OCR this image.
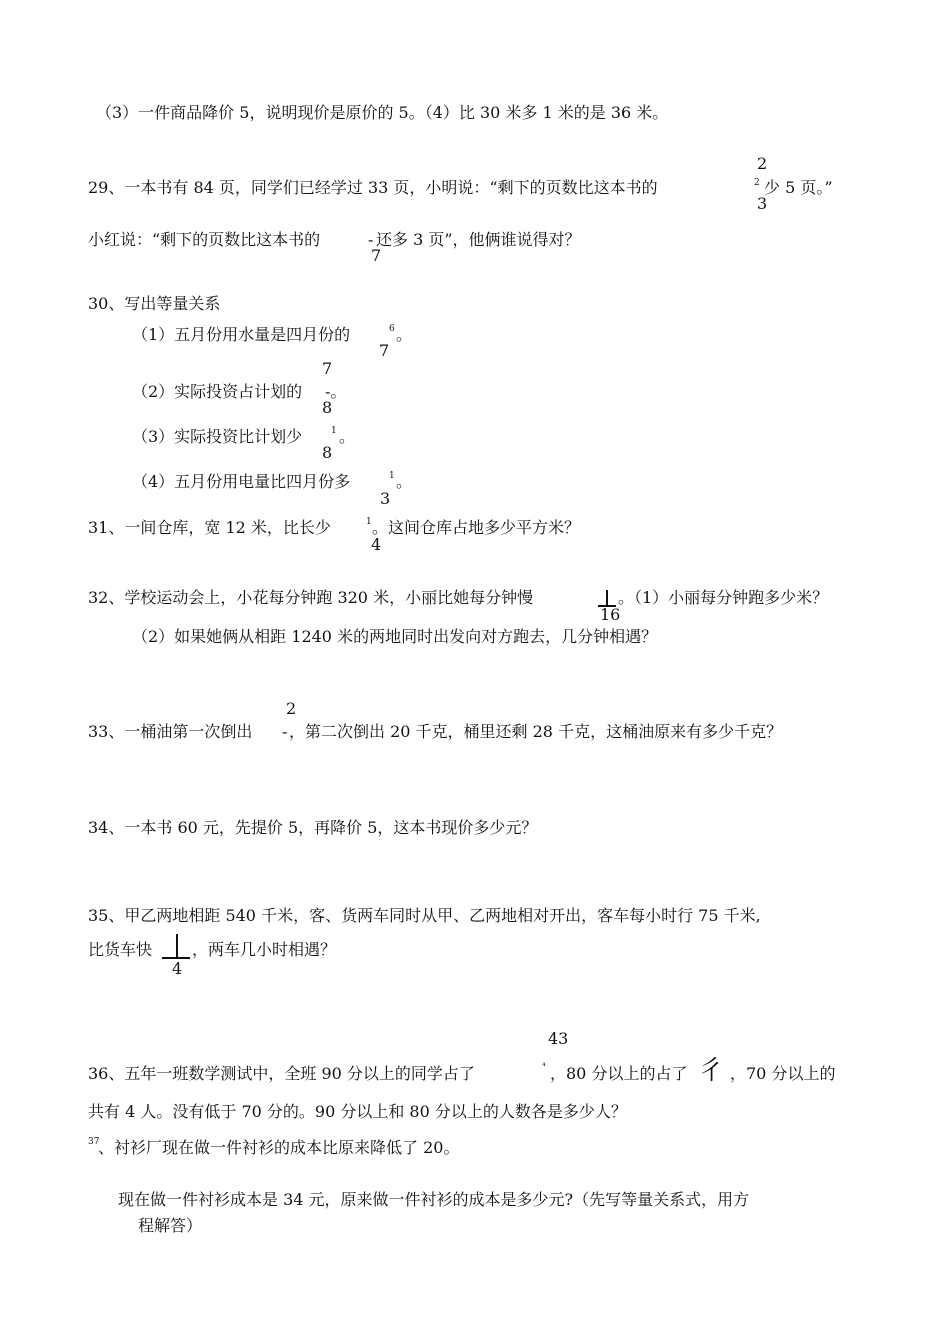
（3）一件商品降价 5，说明现价是原价的 5。（4）比 30 米多 1 米的是 36 米。
2
29、一本书有 84 页，同学们已经学过 33 页，小明说：“剩下的页数比这本书的	2 少 5 页。”
3
小红说：“剩下的页数比这本书的	- 还多 3 页”，他俩谁说得对？
7
30、写出等量关系
（1）五月份用水量是四月份的	6 。
7
7
（2）实际投资占计划的 -。
8
（3）实际投资比计划少	1 。
8
（4）五月份用电量比四月份多	1 。
3
31、一间仓库，宽 12 米，比长少	1 。这间仓库占地多少平方米？
4
32、学校运动会上，小花每分钟跑 320 米，小丽比她每分钟慢	。（1）小丽每分钟跑多少米？
16
（2）如果她俩从相距 1240 米的两地同时出发向对方跑去，几分钟相遇？
2
33、一桶油第一次倒出 - ，第二次倒出 20 千克，桶里还剩 28 千克，这桶油原来有多少千克？
34、一本书 60 元，先提价 5，再降价 5，这本书现价多少元？
35、甲乙两地相距 540 千米，客、货两车同时从甲、乙两地相对开出，客车每小时行 75 千米,
比货车快 ，两车几小时相遇？
4
43
36、五年一班数学测试中，全班 90 分以上的同学占了	⁴ ，80 分以上的占了 彳 ，70 分以上的
共有 4 人。没有低于 70 分的。90 分以上和 80 分以上的人数各是多少人？
37
、衬衫厂现在做一件衬衫的成本比原来降低了 20。
现在做一件衬衫成本是 34 元，原来做一件衬衫的成本是多少元?（先写等量关系式，用方
程解答）
